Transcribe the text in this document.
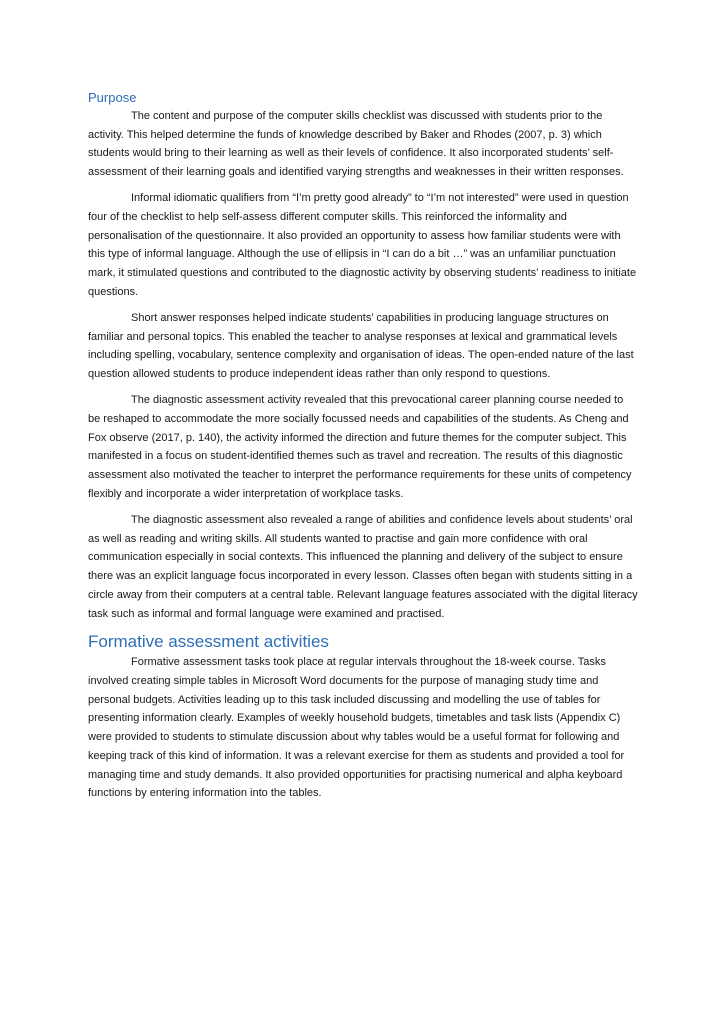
Purpose

The content and purpose of the computer skills checklist was discussed with students prior to the activity. This helped determine the funds of knowledge described by Baker and Rhodes (2007, p. 3) which students would bring to their learning as well as their levels of confidence. It also incorporated students’ self-assessment of their learning goals and identified varying strengths and weaknesses in their written responses.

Informal idiomatic qualifiers from “I’m pretty good already” to “I’m not interested” were used in question four of the checklist to help self-assess different computer skills. This reinforced the informality and personalisation of the questionnaire. It also provided an opportunity to assess how familiar students were with this type of informal language. Although the use of ellipsis in “I can do a bit …” was an unfamiliar punctuation mark, it stimulated questions and contributed to the diagnostic activity by observing students’ readiness to initiate questions.

Short answer responses helped indicate students’ capabilities in producing language structures on familiar and personal topics. This enabled the teacher to analyse responses at lexical and grammatical levels including spelling, vocabulary, sentence complexity and organisation of ideas. The open-ended nature of the last question allowed students to produce independent ideas rather than only respond to questions.

The diagnostic assessment activity revealed that this prevocational career planning course needed to be reshaped to accommodate the more socially focussed needs and capabilities of the students. As Cheng and Fox observe (2017, p. 140), the activity informed the direction and future themes for the computer subject. This manifested in a focus on student-identified themes such as travel and recreation. The results of this diagnostic assessment also motivated the teacher to interpret the performance requirements for these units of competency flexibly and incorporate a wider interpretation of workplace tasks.

The diagnostic assessment also revealed a range of abilities and confidence levels about students’ oral as well as reading and writing skills. All students wanted to practise and gain more confidence with oral communication especially in social contexts. This influenced the planning and delivery of the subject to ensure there was an explicit language focus incorporated in every lesson. Classes often began with students sitting in a circle away from their computers at a central table. Relevant language features associated with the digital literacy task such as informal and formal language were examined and practised.

Formative assessment activities

Formative assessment tasks took place at regular intervals throughout the 18-week course. Tasks involved creating simple tables in Microsoft Word documents for the purpose of managing study time and personal budgets. Activities leading up to this task included discussing and modelling the use of tables for presenting information clearly. Examples of weekly household budgets, timetables and task lists (Appendix C) were provided to students to stimulate discussion about why tables would be a useful format for following and keeping track of this kind of information. It was a relevant exercise for them as students and provided a tool for managing time and study demands. It also provided opportunities for practising numerical and alpha keyboard functions by entering information into the tables.
